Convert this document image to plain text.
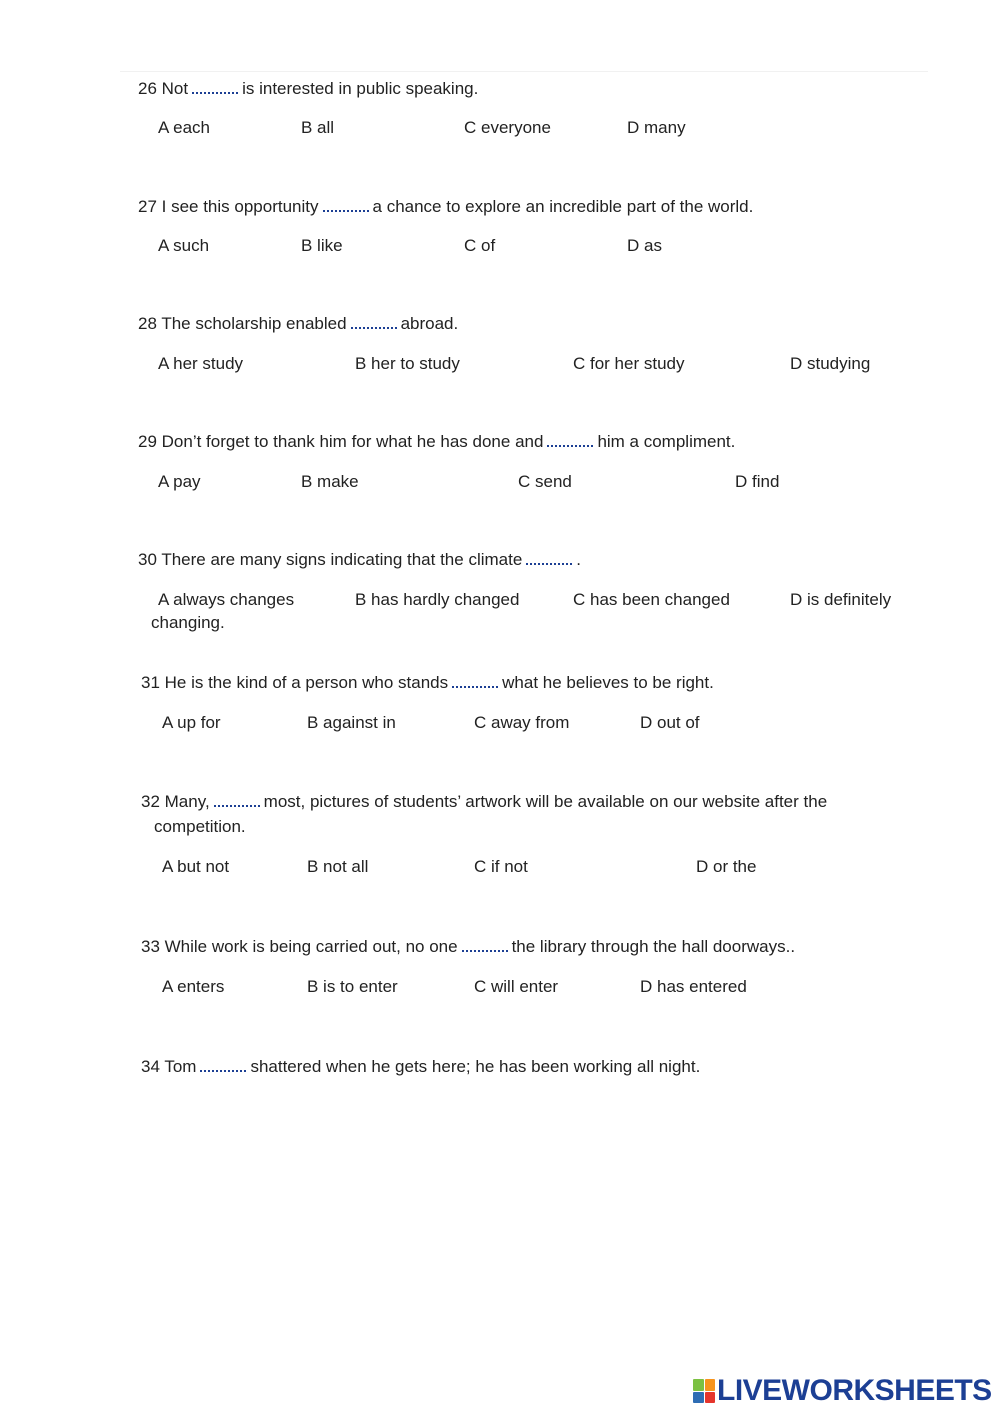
26 Not	is interested in public speaking.
A each	B all	C everyone	D many
27 I see this opportunity	a chance to explore an incredible part of the world.
A such	B like	C of	D as
28 The scholarship enabled	abroad.
A her study	B her to study	C for her study	D studying
29 Don’t forget to thank him for what he has done and	him a compliment.
A pay	B make	C send	D find
30 There are many signs indicating that the climate	.
A always changes	B has hardly changed	C has been changed	D is definitely
changing.
31 He is the kind of a person who stands	what he believes to be right.
A up for	B against in	C away from	D out of
32 Many,	most, pictures of students’ artwork will be available on our website after the
competition.
A but not	B not all	C if not	D or the
33 While work is being carried out, no one	the library through the hall doorways..
A enters	B is to enter	C will enter	D has entered
34 Tom	shattered when he gets here; he has been working all night.
LIVEWORKSHEETS
